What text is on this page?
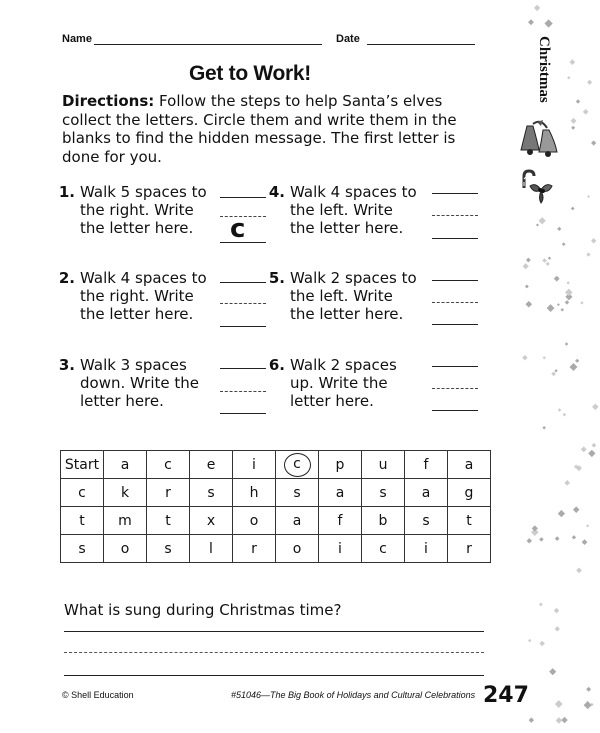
Name	Date
Get to Work!
Directions: Follow the steps to help Santa’s elves collect the letters. Circle them and write them in the blanks to find the hidden message. The first letter is done for you.
1. Walk 5 spaces to the right. Write the letter here.	c
2. Walk 4 spaces to the right. Write the letter here.
3. Walk 3 spaces down. Write the letter here.
4. Walk 4 spaces to the left. Write the letter here.
5. Walk 2 spaces to the left. Write the letter here.
6. Walk 2 spaces up. Write the letter here.
Start	a	c	e	i	c	p	u	f	a
c	k	r	s	h	s	a	s	a	g
t	m	t	x	o	a	f	b	s	t
s	o	s	l	r	o	i	c	i	r
What is sung during Christmas time?
© Shell Education	#51046—The Big Book of Holidays and Cultural Celebrations 247
Christmas
